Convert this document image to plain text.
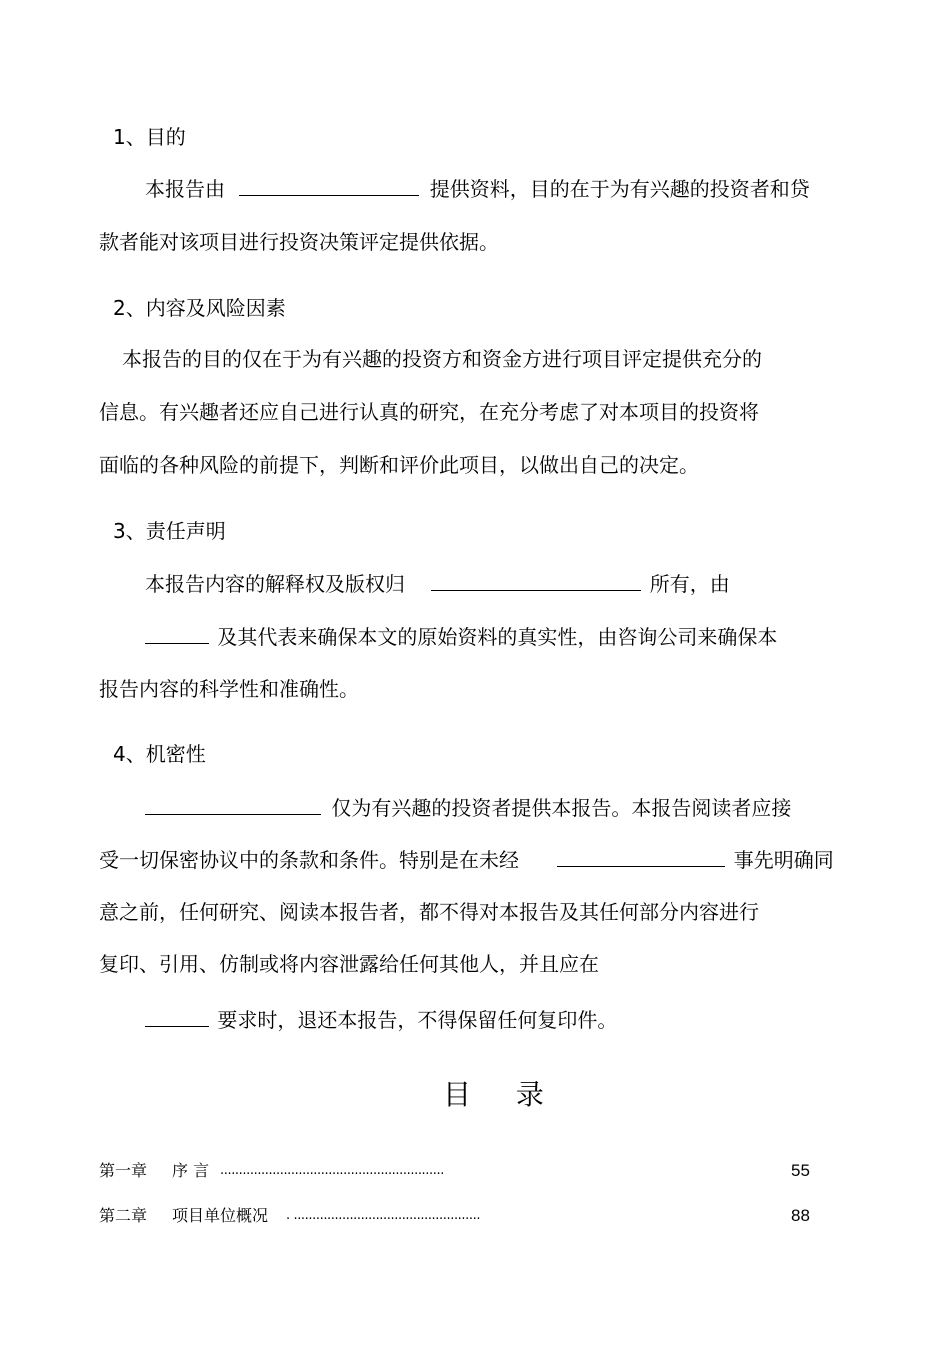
1、目的
本报告由	提供资料，目的在于为有兴趣的投资者和贷
款者能对该项目进行投资决策评定提供依据。
2、内容及风险因素
本报告的目的仅在于为有兴趣的投资方和资金方进行项目评定提供充分的
信息。有兴趣者还应自己进行认真的研究，在充分考虑了对本项目的投资将
面临的各种风险的前提下，判断和评价此项目，以做出自己的决定。
3、责任声明
本报告内容的解释权及版权归	所有，由
及其代表来确保本文的原始资料的真实性，由咨询公司来确保本
报告内容的科学性和准确性。
4、机密性
仅为有兴趣的投资者提供本报告。本报告阅读者应接
受一切保密协议中的条款和条件。特别是在未经	事先明确同
意之前，任何研究、阅读本报告者，都不得对本报告及其任何部分内容进行
复印、引用、仿制或将内容泄露给任何其他人，并且应在
要求时，退还本报告，不得保留任何复印件。
目 录
第一章 序 言 ............................................................	55
第二章 项目单位概况 . ..................................................	88
